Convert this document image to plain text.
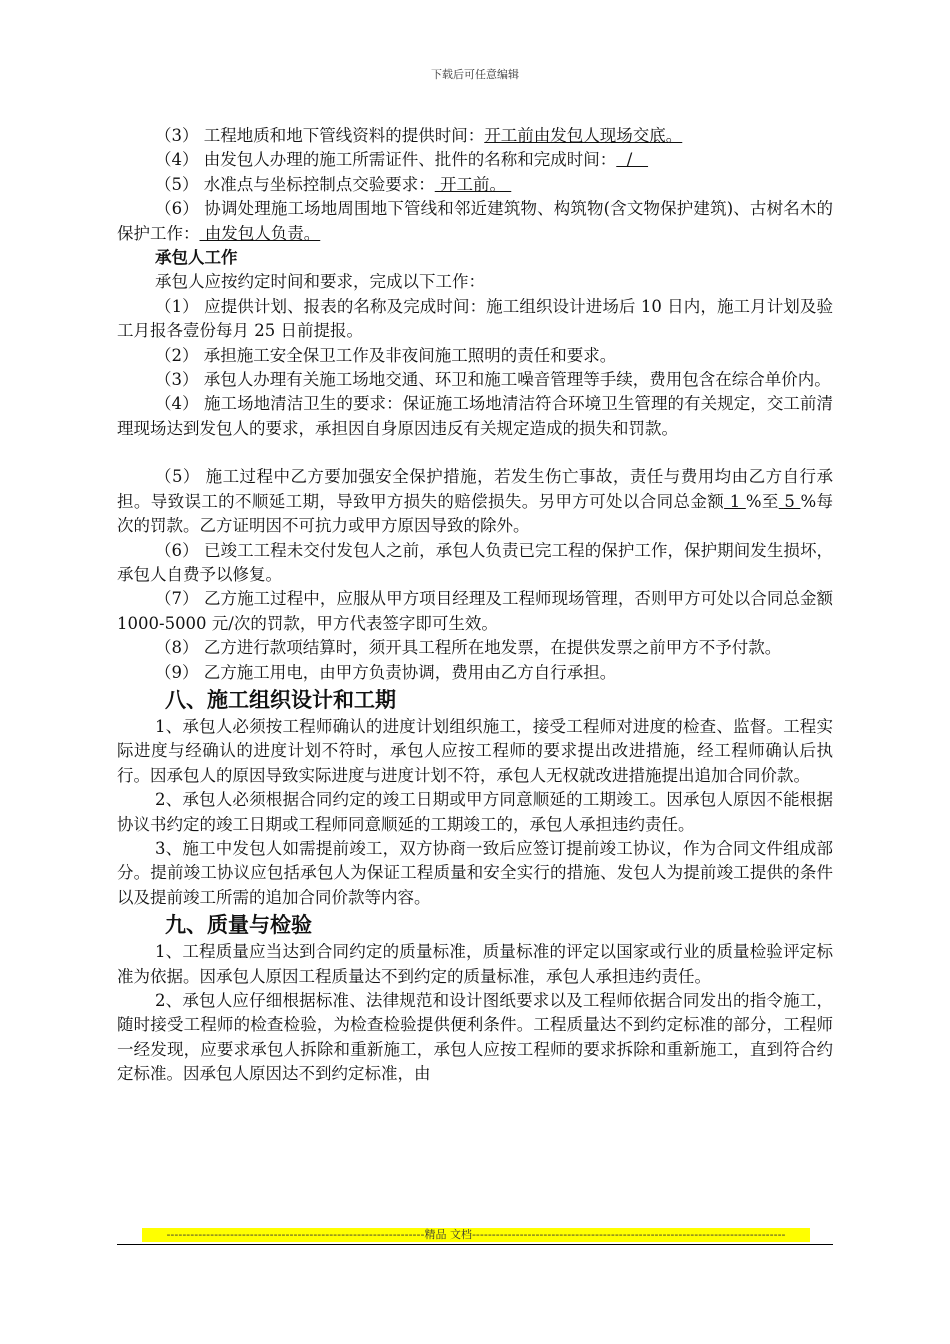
下载后可任意编辑

（3） 工程地质和地下管线资料的提供时间：开工前由发包人现场交底。

（4） 由发包人办理的施工所需证件、批件的名称和完成时间：  /

（5） 水准点与坐标控制点交验要求： 开工前。

（6） 协调处理施工场地周围地下管线和邻近建筑物、构筑物(含文物保护建筑)、古树名木的保护工作： 由发包人负责。

承包人工作

承包人应按约定时间和要求，完成以下工作：

（1） 应提供计划、报表的名称及完成时间：施工组织设计进场后 10 日内，施工月计划及验工月报各壹份每月 25 日前提报。

（2） 承担施工安全保卫工作及非夜间施工照明的责任和要求。

（3） 承包人办理有关施工场地交通、环卫和施工噪音管理等手续，费用包含在综合单价内。

（4） 施工场地清洁卫生的要求：保证施工场地清洁符合环境卫生管理的有关规定，交工前清理现场达到发包人的要求，承担因自身原因违反有关规定造成的损失和罚款。

（5） 施工过程中乙方要加强安全保护措施，若发生伤亡事故，责任与费用均由乙方自行承担。导致误工的不顺延工期，导致甲方损失的赔偿损失。另甲方可处以合同总金额 1 %至 5 %每次的罚款。乙方证明因不可抗力或甲方原因导致的除外。

（6） 已竣工工程未交付发包人之前，承包人负责已完工程的保护工作，保护期间发生损坏，承包人自费予以修复。

（7） 乙方施工过程中，应服从甲方项目经理及工程师现场管理，否则甲方可处以合同总金额 1000-5000 元/次的罚款，甲方代表签字即可生效。

（8） 乙方进行款项结算时，须开具工程所在地发票，在提供发票之前甲方不予付款。

（9） 乙方施工用电，由甲方负责协调，费用由乙方自行承担。

八、施工组织设计和工期

1、承包人必须按工程师确认的进度计划组织施工，接受工程师对进度的检查、监督。工程实际进度与经确认的进度计划不符时，承包人应按工程师的要求提出改进措施，经工程师确认后执行。因承包人的原因导致实际进度与进度计划不符，承包人无权就改进措施提出追加合同价款。

2、承包人必须根据合同约定的竣工日期或甲方同意顺延的工期竣工。因承包人原因不能根据协议书约定的竣工日期或工程师同意顺延的工期竣工的，承包人承担违约责任。

3、施工中发包人如需提前竣工，双方协商一致后应签订提前竣工协议，作为合同文件组成部分。提前竣工协议应包括承包人为保证工程质量和安全实行的措施、发包人为提前竣工提供的条件以及提前竣工所需的追加合同价款等内容。

九、质量与检验

1、工程质量应当达到合同约定的质量标准，质量标准的评定以国家或行业的质量检验评定标准为依据。因承包人原因工程质量达不到约定的质量标准，承包人承担违约责任。

2、承包人应仔细根据标准、法律规范和设计图纸要求以及工程师依据合同发出的指令施工，随时接受工程师的检查检验，为检查检验提供便利条件。工程质量达不到约定标准的部分，工程师一经发现，应要求承包人拆除和重新施工，承包人应按工程师的要求拆除和重新施工，直到符合约定标准。因承包人原因达不到约定标准，由

-----------------------------------------------------------------精品 文档-------------------------------------------------------------------------------
